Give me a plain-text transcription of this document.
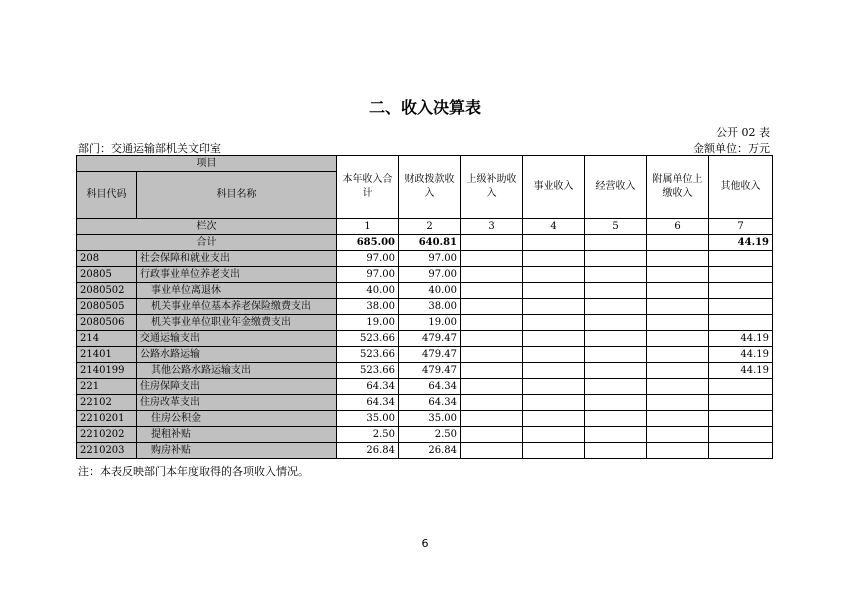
二、收入决算表
公开 02 表
部门：交通运输部机关文印室	金额单位：万元
项目		本年收入合计	财政拨款收入	上级补助收入	事业收入	经营收入	附属单位上缴收入	其他收入
科目代码	科目名称							
栏次		1	2	3	4	5	6	7
合计		685.00	640.81					44.19
208	社会保障和就业支出	97.00	97.00					
20805	行政事业单位养老支出	97.00	97.00					
2080502	事业单位离退休	40.00	40.00					
2080505	机关事业单位基本养老保险缴费支出	38.00	38.00					
2080506	机关事业单位职业年金缴费支出	19.00	19.00					
214	交通运输支出	523.66	479.47					44.19
21401	公路水路运输	523.66	479.47					44.19
2140199	其他公路水路运输支出	523.66	479.47					44.19
221	住房保障支出	64.34	64.34					
22102	住房改革支出	64.34	64.34					
2210201	住房公积金	35.00	35.00					
2210202	提租补贴	2.50	2.50					
2210203	购房补贴	26.84	26.84					
注：本表反映部门本年度取得的各项收入情况。
6
